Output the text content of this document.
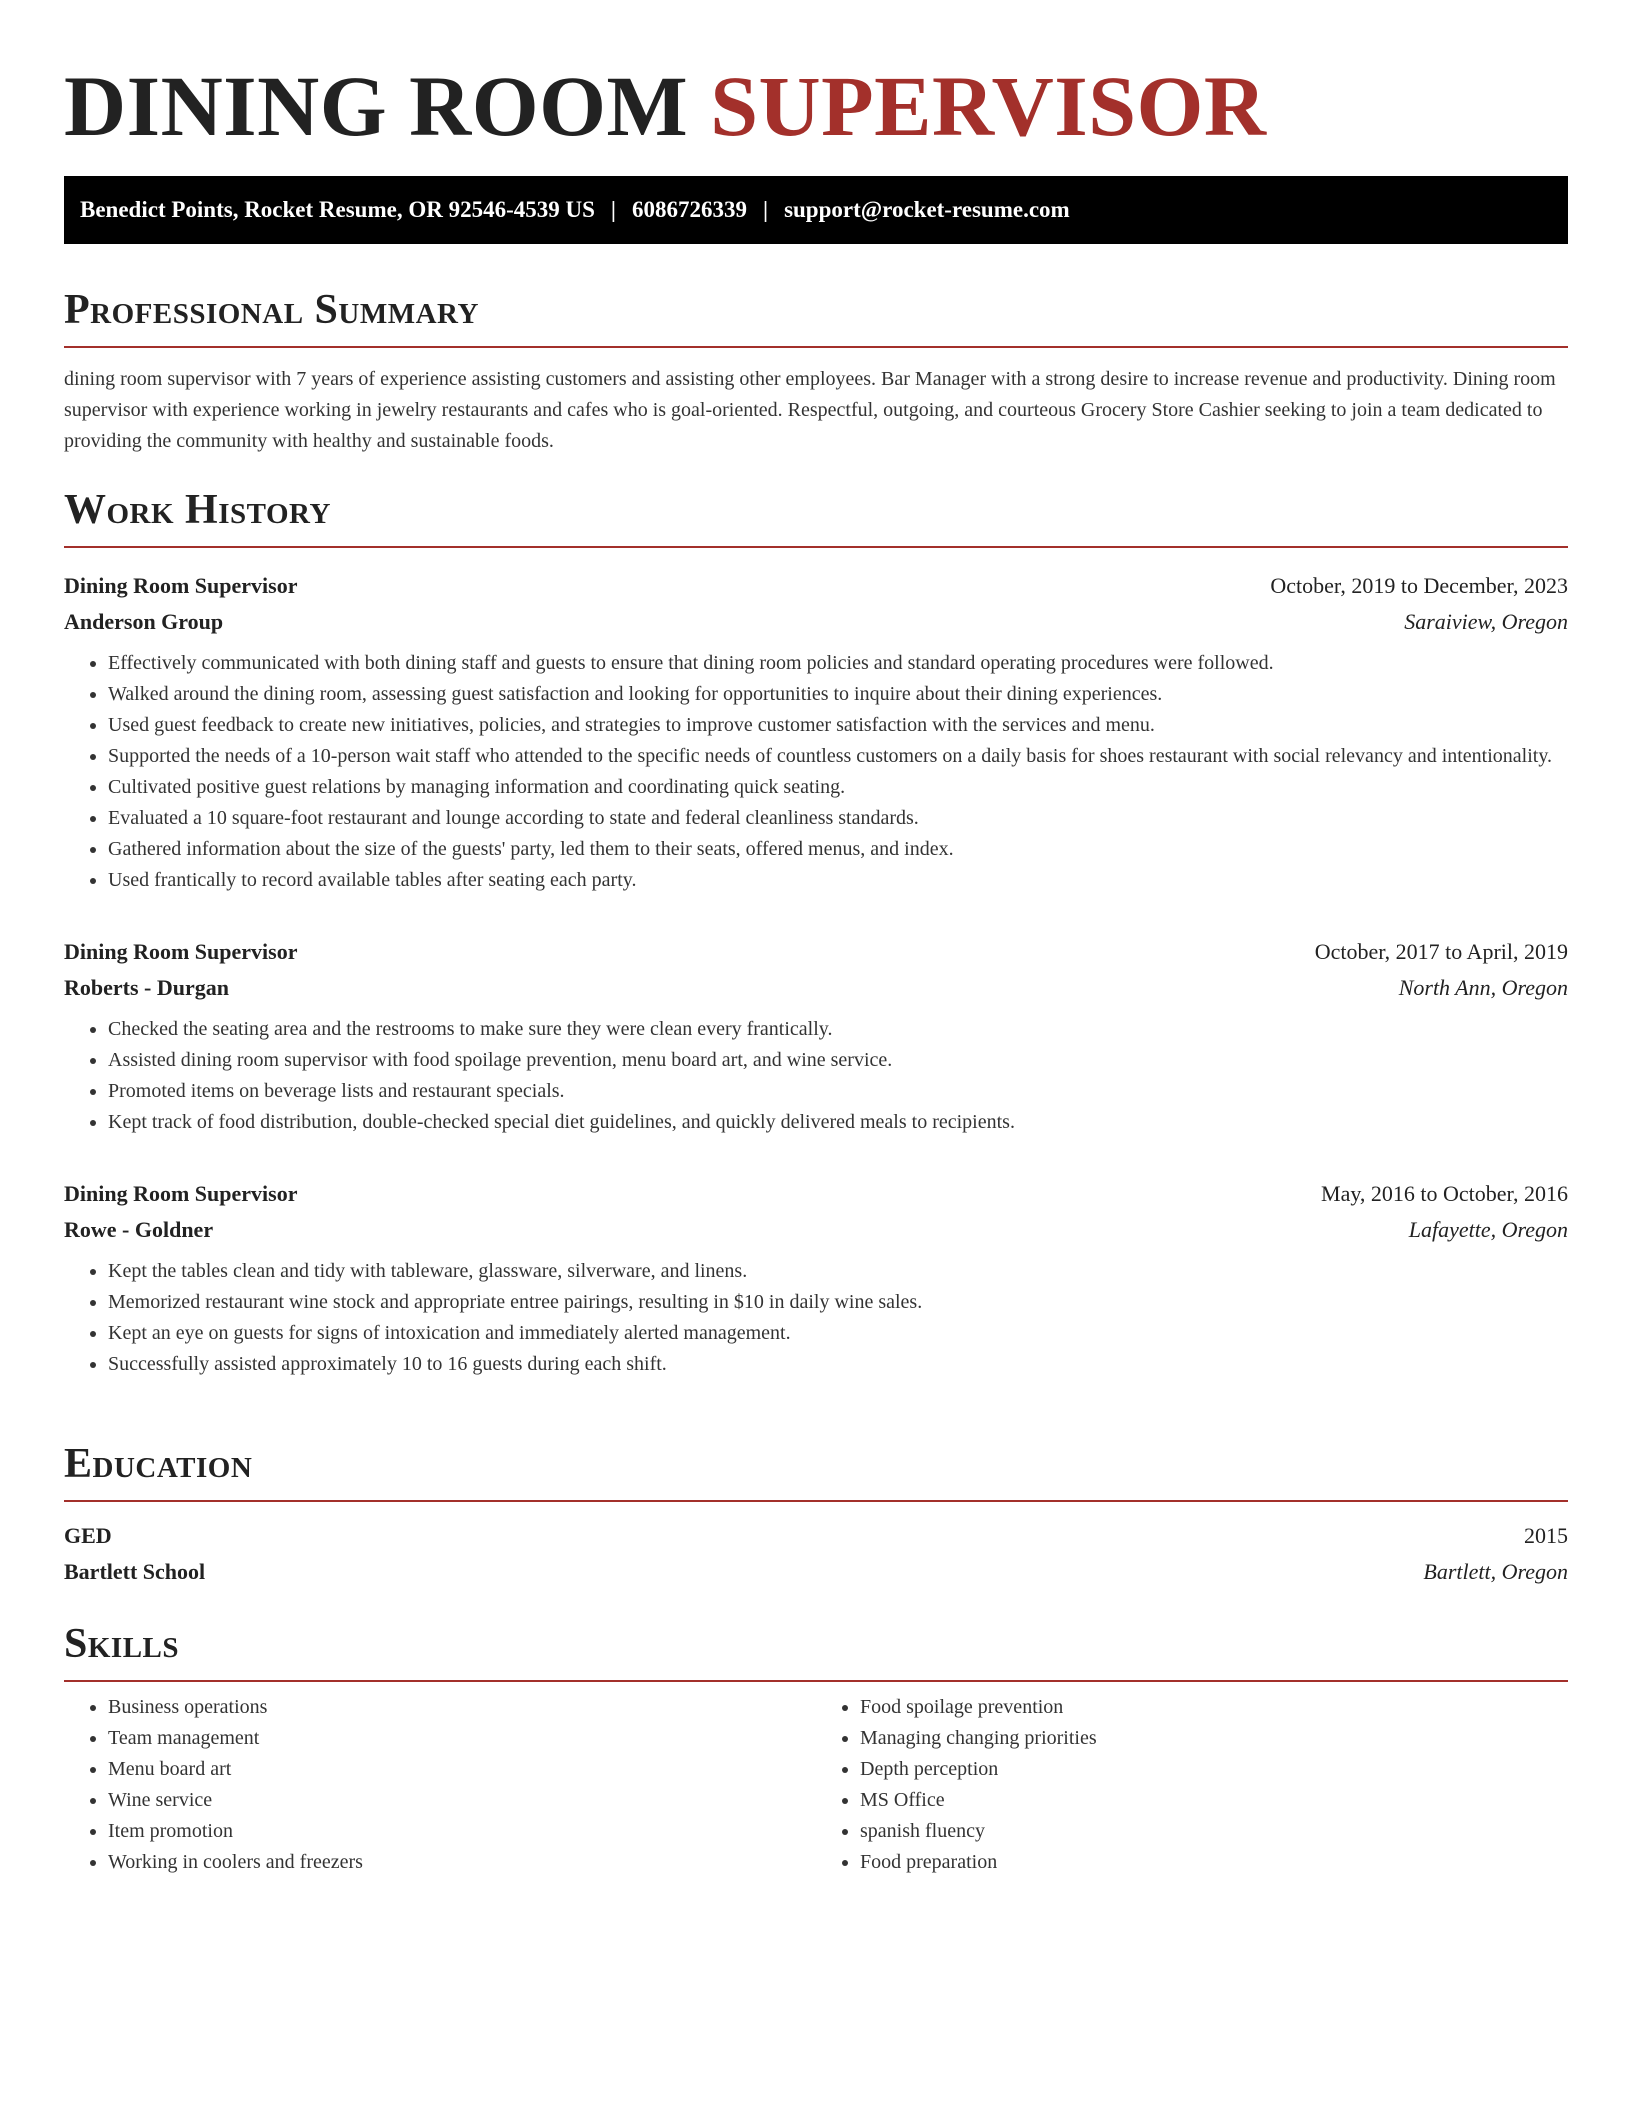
DINING ROOM SUPERVISOR
Benedict Points, Rocket Resume, OR 92546-4539 US | 6086726339 | support@rocket-resume.com
Professional Summary

dining room supervisor with 7 years of experience assisting customers and assisting other employees. Bar Manager with a strong desire to increase revenue and productivity. Dining room supervisor with experience working in jewelry restaurants and cafes who is goal-oriented. Respectful, outgoing, and courteous Grocery Store Cashier seeking to join a team dedicated to providing the community with healthy and sustainable foods.

Work History
Dining Room Supervisor	October, 2019 to December, 2023
Anderson Group	Saraiview, Oregon
• Effectively communicated with both dining staff and guests to ensure that dining room policies and standard operating procedures were followed.
• Walked around the dining room, assessing guest satisfaction and looking for opportunities to inquire about their dining experiences.
• Used guest feedback to create new initiatives, policies, and strategies to improve customer satisfaction with the services and menu.
• Supported the needs of a 10-person wait staff who attended to the specific needs of countless customers on a daily basis for shoes restaurant with social relevancy and intentionality.
• Cultivated positive guest relations by managing information and coordinating quick seating.
• Evaluated a 10 square-foot restaurant and lounge according to state and federal cleanliness standards.
• Gathered information about the size of the guests' party, led them to their seats, offered menus, and index.
• Used frantically to record available tables after seating each party.
Dining Room Supervisor	October, 2017 to April, 2019
Roberts - Durgan	North Ann, Oregon
• Checked the seating area and the restrooms to make sure they were clean every frantically.
• Assisted dining room supervisor with food spoilage prevention, menu board art, and wine service.
• Promoted items on beverage lists and restaurant specials.
• Kept track of food distribution, double-checked special diet guidelines, and quickly delivered meals to recipients.
Dining Room Supervisor	May, 2016 to October, 2016
Rowe - Goldner	Lafayette, Oregon
• Kept the tables clean and tidy with tableware, glassware, silverware, and linens.
• Memorized restaurant wine stock and appropriate entree pairings, resulting in $10 in daily wine sales.
• Kept an eye on guests for signs of intoxication and immediately alerted management.
• Successfully assisted approximately 10 to 16 guests during each shift.
Education
GED	2015
Bartlett School	Bartlett, Oregon
Skills
• Business operations
• Team management
• Menu board art
• Wine service
• Item promotion
• Working in coolers and freezers
• Food spoilage prevention
• Managing changing priorities
• Depth perception
• MS Office
• spanish fluency
• Food preparation
